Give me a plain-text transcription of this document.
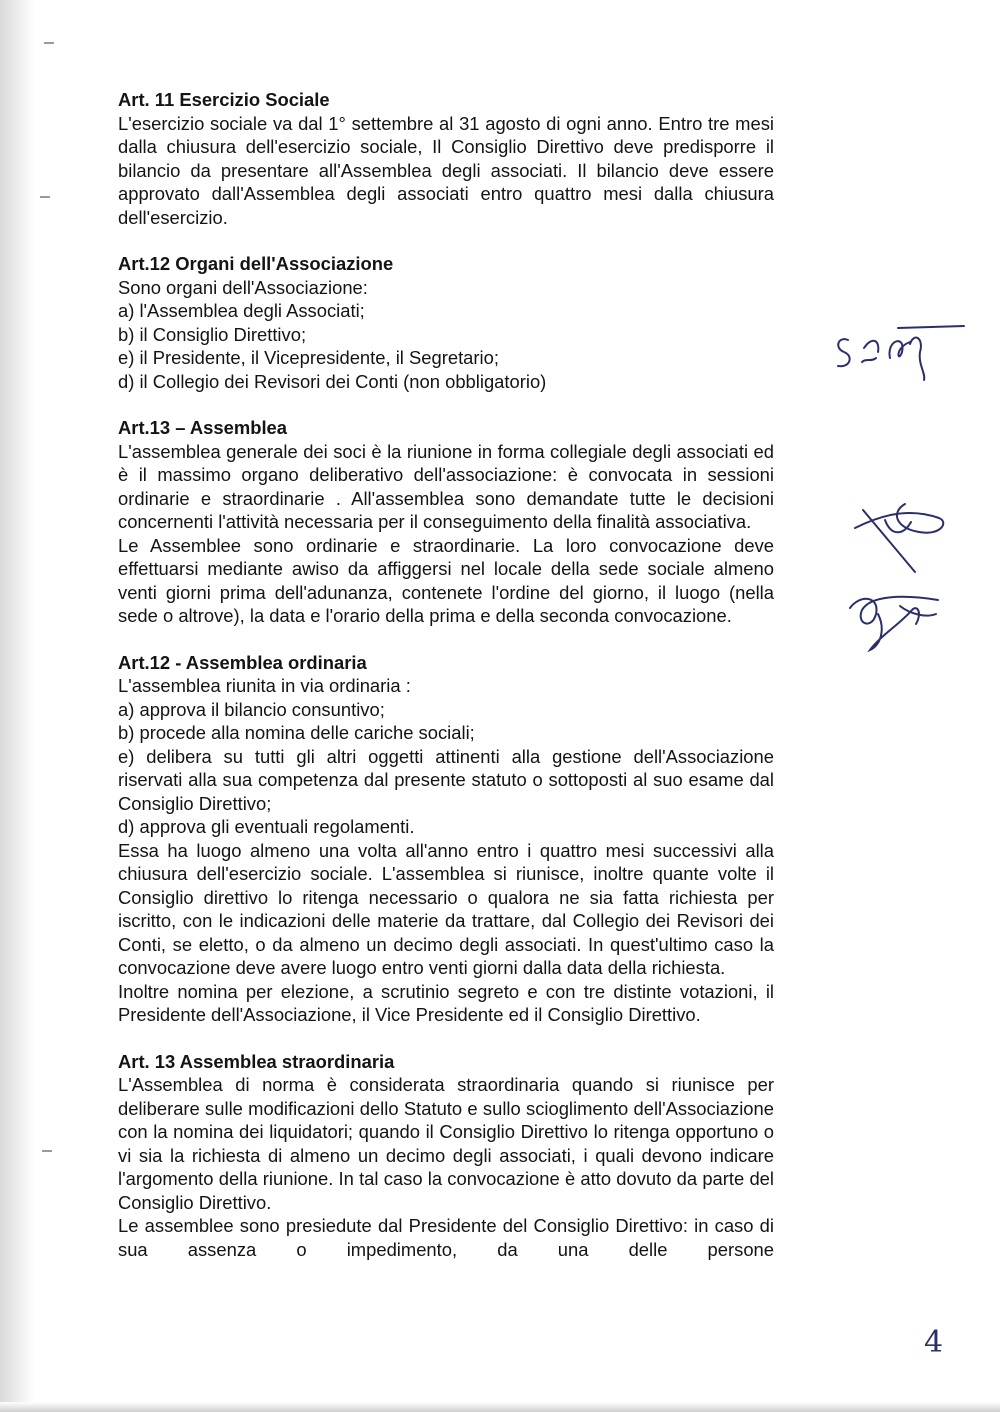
Art. 11 Esercizio Sociale

L'esercizio sociale va dal 1° settembre al 31 agosto di ogni anno. Entro tre mesi dalla chiusura dell'esercizio sociale, Il Consiglio Direttivo deve predisporre il bilancio da presentare all'Assemblea degli associati. Il bilancio deve essere approvato dall'Assemblea degli associati entro quattro mesi dalla chiusura dell'esercizio.

Art.12 Organi dell'Associazione

Sono organi dell'Associazione:

a) l'Assemblea degli Associati;

b) il Consiglio Direttivo;

e) il Presidente, il Vicepresidente, il Segretario;

d) il Collegio dei Revisori dei Conti (non obbligatorio)

Art.13 – Assemblea

L'assemblea generale dei soci è la riunione in forma collegiale degli associati ed è il massimo organo deliberativo dell'associazione: è convocata in sessioni ordinarie e straordinarie . All'assemblea sono demandate tutte le decisioni concernenti l'attività necessaria per il conseguimento della finalità associativa.

Le Assemblee sono ordinarie e straordinarie. La loro convocazione deve effettuarsi mediante awiso da affiggersi nel locale della sede sociale almeno venti giorni prima dell'adunanza, contenete l'ordine del giorno, il luogo (nella sede o altrove), la data e l'orario della prima e della seconda convocazione.

Art.12 - Assemblea ordinaria

L'assemblea riunita in via ordinaria :

a) approva il bilancio consuntivo;

b) procede alla nomina delle cariche sociali;

e) delibera su tutti gli altri oggetti attinenti alla gestione dell'Associazione riservati alla sua competenza dal presente statuto o sottoposti al suo esame dal Consiglio Direttivo;

d) approva gli eventuali regolamenti.

Essa ha luogo almeno una volta all'anno entro i quattro mesi successivi alla chiusura dell'esercizio sociale. L'assemblea si riunisce, inoltre quante volte il Consiglio direttivo lo ritenga necessario o qualora ne sia fatta richiesta per iscritto, con le indicazioni delle materie da trattare, dal Collegio dei Revisori dei Conti, se eletto, o da almeno un decimo degli associati. In quest'ultimo caso la convocazione deve avere luogo entro venti giorni dalla data della richiesta.

Inoltre nomina per elezione, a scrutinio segreto e con tre distinte votazioni, il Presidente dell'Associazione, il Vice Presidente ed il Consiglio Direttivo.

Art. 13 Assemblea straordinaria

L'Assemblea di norma è considerata straordinaria quando si riunisce per deliberare sulle modificazioni dello Statuto e sullo scioglimento dell'Associazione con la nomina dei liquidatori; quando il Consiglio Direttivo lo ritenga opportuno o vi sia la richiesta di almeno un decimo degli associati, i quali devono indicare l'argomento della riunione. In tal caso la convocazione è atto dovuto da parte del Consiglio Direttivo.

Le assemblee sono presiedute dal Presidente del Consiglio Direttivo: in caso di sua assenza o impedimento, da una delle persone

4
